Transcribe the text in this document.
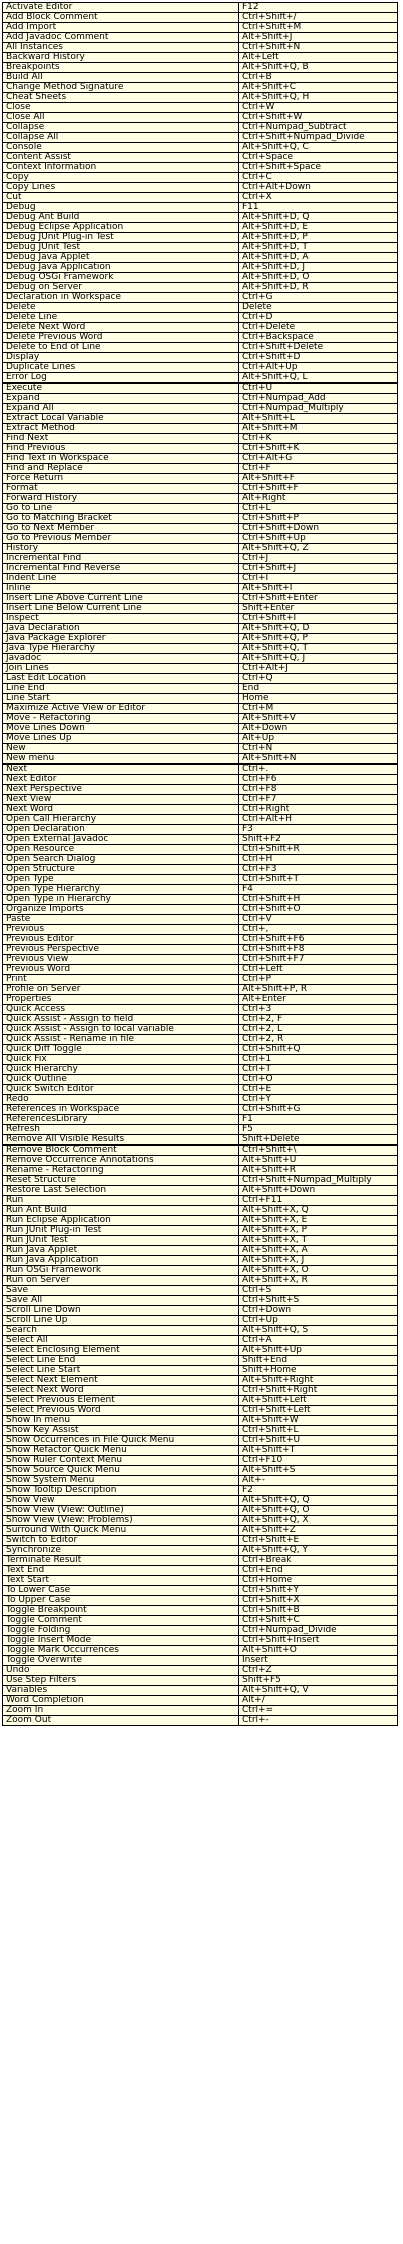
Activate Editor	F12
Add Block Comment	Ctrl+Shift+/
Add Import	Ctrl+Shift+M
Add Javadoc Comment	Alt+Shift+J
All Instances	Ctrl+Shift+N
Backward History	Alt+Left
Breakpoints	Alt+Shift+Q, B
Build All	Ctrl+B
Change Method Signature	Alt+Shift+C
Cheat Sheets	Alt+Shift+Q, H
Close	Ctrl+W
Close All	Ctrl+Shift+W
Collapse	Ctrl+Numpad_Subtract
Collapse All	Ctrl+Shift+Numpad_Divide
Console	Alt+Shift+Q, C
Content Assist	Ctrl+Space
Context Information	Ctrl+Shift+Space
Copy	Ctrl+C
Copy Lines	Ctrl+Alt+Down
Cut	Ctrl+X
Debug	F11
Debug Ant Build	Alt+Shift+D, Q
Debug Eclipse Application	Alt+Shift+D, E
Debug JUnit Plug-in Test	Alt+Shift+D, P
Debug JUnit Test	Alt+Shift+D, T
Debug Java Applet	Alt+Shift+D, A
Debug Java Application	Alt+Shift+D, J
Debug OSGi Framework	Alt+Shift+D, O
Debug on Server	Alt+Shift+D, R
Declaration in Workspace	Ctrl+G
Delete	Delete
Delete Line	Ctrl+D
Delete Next Word	Ctrl+Delete
Delete Previous Word	Ctrl+Backspace
Delete to End of Line	Ctrl+Shift+Delete
Display	Ctrl+Shift+D
Duplicate Lines	Ctrl+Alt+Up
Error Log	Alt+Shift+Q, L
Execute	Ctrl+U
Expand	Ctrl+Numpad_Add
Expand All	Ctrl+Numpad_Multiply
Extract Local Variable	Alt+Shift+L
Extract Method	Alt+Shift+M
Find Next	Ctrl+K
Find Previous	Ctrl+Shift+K
Find Text in Workspace	Ctrl+Alt+G
Find and Replace	Ctrl+F
Force Return	Alt+Shift+F
Format	Ctrl+Shift+F
Forward History	Alt+Right
Go to Line	Ctrl+L
Go to Matching Bracket	Ctrl+Shift+P
Go to Next Member	Ctrl+Shift+Down
Go to Previous Member	Ctrl+Shift+Up
History	Alt+Shift+Q, Z
Incremental Find	Ctrl+J
Incremental Find Reverse	Ctrl+Shift+J
Indent Line	Ctrl+I
Inline	Alt+Shift+I
Insert Line Above Current Line	Ctrl+Shift+Enter
Insert Line Below Current Line	Shift+Enter
Inspect	Ctrl+Shift+I
Java Declaration	Alt+Shift+Q, D
Java Package Explorer	Alt+Shift+Q, P
Java Type Hierarchy	Alt+Shift+Q, T
Javadoc	Alt+Shift+Q, J
Join Lines	Ctrl+Alt+J
Last Edit Location	Ctrl+Q
Line End	End
Line Start	Home
Maximize Active View or Editor	Ctrl+M
Move - Refactoring	Alt+Shift+V
Move Lines Down	Alt+Down
Move Lines Up	Alt+Up
New	Ctrl+N
New menu	Alt+Shift+N
Next	Ctrl+.
Next Editor	Ctrl+F6
Next Perspective	Ctrl+F8
Next View	Ctrl+F7
Next Word	Ctrl+Right
Open Call Hierarchy	Ctrl+Alt+H
Open Declaration	F3
Open External Javadoc	Shift+F2
Open Resource	Ctrl+Shift+R
Open Search Dialog	Ctrl+H
Open Structure	Ctrl+F3
Open Type	Ctrl+Shift+T
Open Type Hierarchy	F4
Open Type in Hierarchy	Ctrl+Shift+H
Organize Imports	Ctrl+Shift+O
Paste	Ctrl+V
Previous	Ctrl+,
Previous Editor	Ctrl+Shift+F6
Previous Perspective	Ctrl+Shift+F8
Previous View	Ctrl+Shift+F7
Previous Word	Ctrl+Left
Print	Ctrl+P
Profile on Server	Alt+Shift+P, R
Properties	Alt+Enter
Quick Access	Ctrl+3
Quick Assist - Assign to field	Ctrl+2, F
Quick Assist - Assign to local variable	Ctrl+2, L
Quick Assist - Rename in file	Ctrl+2, R
Quick Diff Toggle	Ctrl+Shift+Q
Quick Fix	Ctrl+1
Quick Hierarchy	Ctrl+T
Quick Outline	Ctrl+O
Quick Switch Editor	Ctrl+E
Redo	Ctrl+Y
References in Workspace	Ctrl+Shift+G
ReferencesLibrary	F1
Refresh	F5
Remove All Visible Results	Shift+Delete
Remove Block Comment	Ctrl+Shift+\
Remove Occurrence Annotations	Alt+Shift+U
Rename - Refactoring	Alt+Shift+R
Reset Structure	Ctrl+Shift+Numpad_Multiply
Restore Last Selection	Alt+Shift+Down
Run	Ctrl+F11
Run Ant Build	Alt+Shift+X, Q
Run Eclipse Application	Alt+Shift+X, E
Run JUnit Plug-in Test	Alt+Shift+X, P
Run JUnit Test	Alt+Shift+X, T
Run Java Applet	Alt+Shift+X, A
Run Java Application	Alt+Shift+X, J
Run OSGi Framework	Alt+Shift+X, O
Run on Server	Alt+Shift+X, R
Save	Ctrl+S
Save All	Ctrl+Shift+S
Scroll Line Down	Ctrl+Down
Scroll Line Up	Ctrl+Up
Search	Alt+Shift+Q, S
Select All	Ctrl+A
Select Enclosing Element	Alt+Shift+Up
Select Line End	Shift+End
Select Line Start	Shift+Home
Select Next Element	Alt+Shift+Right
Select Next Word	Ctrl+Shift+Right
Select Previous Element	Alt+Shift+Left
Select Previous Word	Ctrl+Shift+Left
Show In menu	Alt+Shift+W
Show Key Assist	Ctrl+Shift+L
Show Occurrences in File Quick Menu	Ctrl+Shift+U
Show Refactor Quick Menu	Alt+Shift+T
Show Ruler Context Menu	Ctrl+F10
Show Source Quick Menu	Alt+Shift+S
Show System Menu	Alt+-
Show Tooltip Description	F2
Show View	Alt+Shift+Q, Q
Show View (View: Outline)	Alt+Shift+Q, O
Show View (View: Problems)	Alt+Shift+Q, X
Surround With Quick Menu	Alt+Shift+Z
Switch to Editor	Ctrl+Shift+E
Synchronize	Alt+Shift+Q, Y
Terminate Result	Ctrl+Break
Text End	Ctrl+End
Text Start	Ctrl+Home
To Lower Case	Ctrl+Shift+Y
To Upper Case	Ctrl+Shift+X
Toggle Breakpoint	Ctrl+Shift+B
Toggle Comment	Ctrl+Shift+C
Toggle Folding	Ctrl+Numpad_Divide
Toggle Insert Mode	Ctrl+Shift+Insert
Toggle Mark Occurrences	Alt+Shift+O
Toggle Overwrite	Insert
Undo	Ctrl+Z
Use Step Filters	Shift+F5
Variables	Alt+Shift+Q, V
Word Completion	Alt+/
Zoom In	Ctrl+=
Zoom Out	Ctrl+-
